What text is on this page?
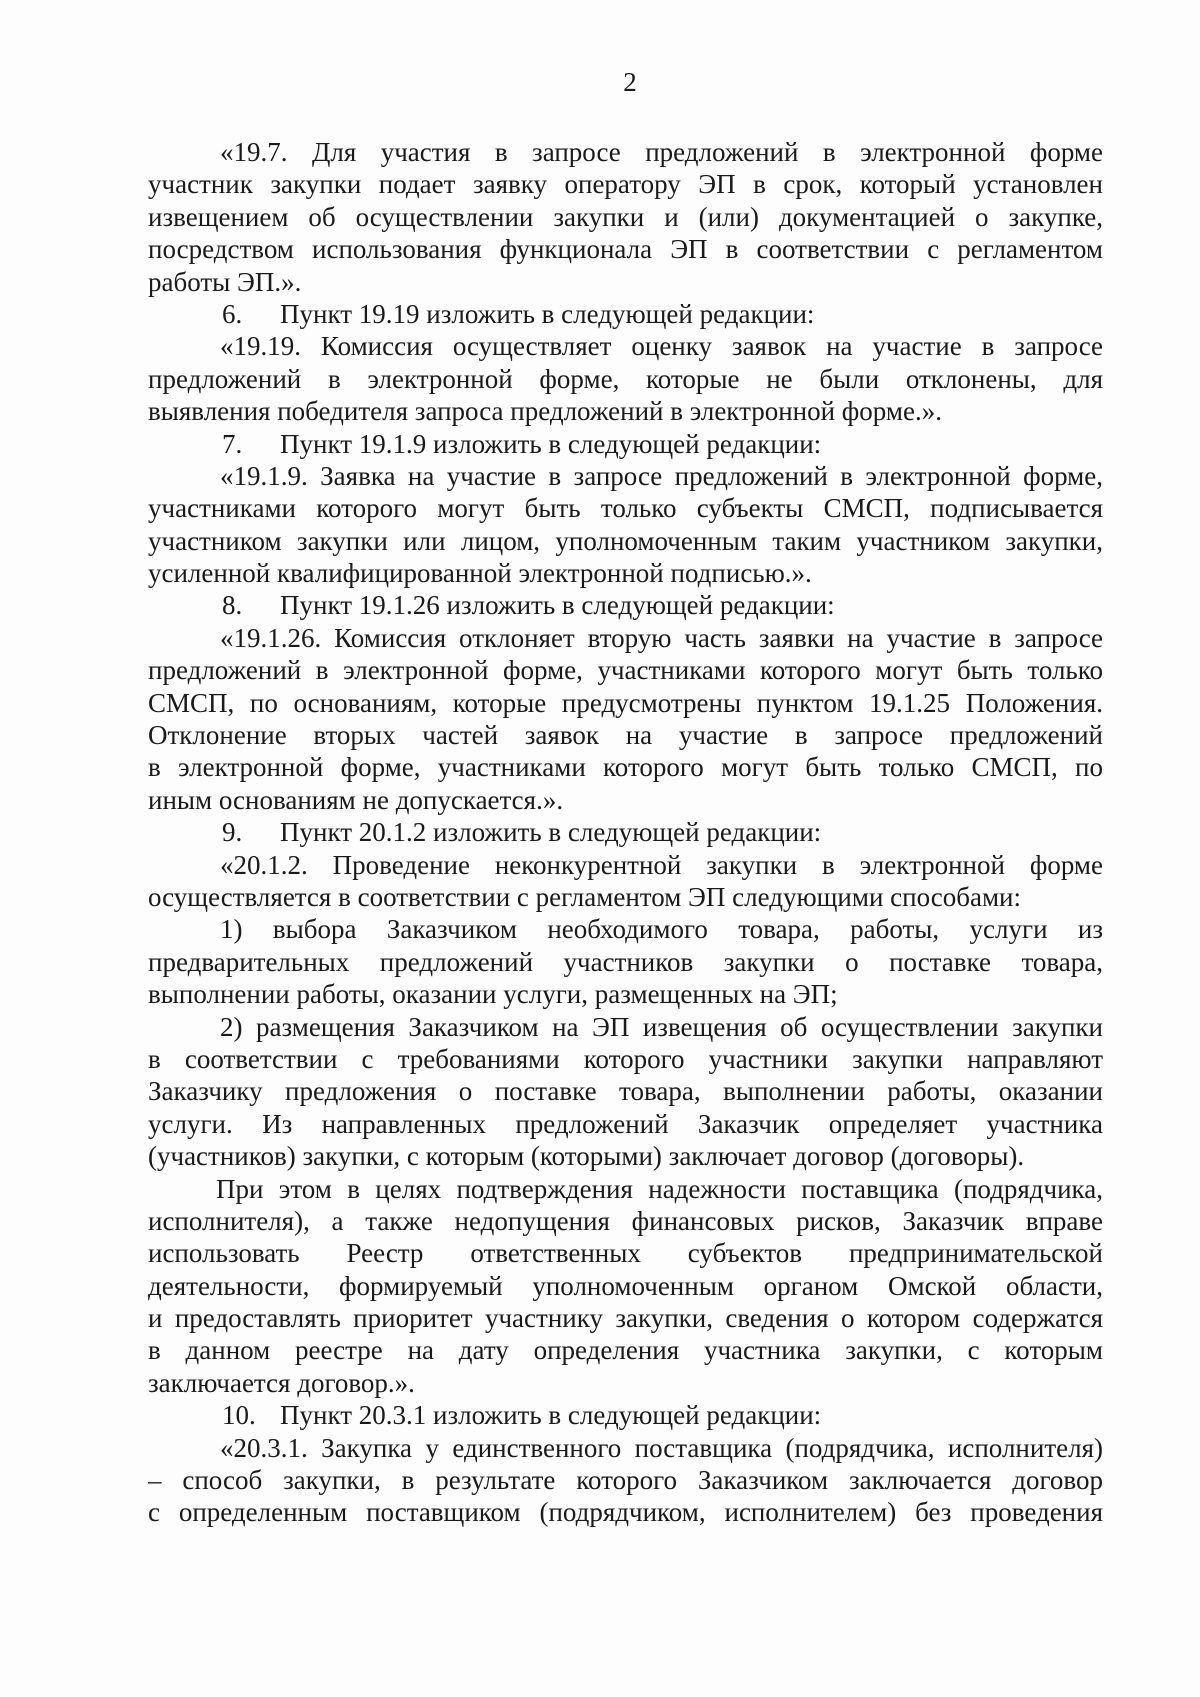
2
«19.7. Для участия в запросе предложений в электронной форме
участник закупки подает заявку оператору ЭП в срок, который установлен
извещением об осуществлении закупки и (или) документацией о закупке,
посредством использования функционала ЭП в соответствии с регламентом
работы ЭП.».
6. Пункт 19.19 изложить в следующей редакции:
«19.19. Комиссия осуществляет оценку заявок на участие в запросе
предложений в электронной форме, которые не были отклонены, для
выявления победителя запроса предложений в электронной форме.».
7. Пункт 19.1.9 изложить в следующей редакции:
«19.1.9. Заявка на участие в запросе предложений в электронной форме,
участниками которого могут быть только субъекты СМСП, подписывается
участником закупки или лицом, уполномоченным таким участником закупки,
усиленной квалифицированной электронной подписью.».
8. Пункт 19.1.26 изложить в следующей редакции:
«19.1.26. Комиссия отклоняет вторую часть заявки на участие в запросе
предложений в электронной форме, участниками которого могут быть только
СМСП, по основаниям, которые предусмотрены пунктом 19.1.25 Положения.
Отклонение вторых частей заявок на участие в запросе предложений
в электронной форме, участниками которого могут быть только СМСП, по
иным основаниям не допускается.».
9. Пункт 20.1.2 изложить в следующей редакции:
«20.1.2. Проведение неконкурентной закупки в электронной форме
осуществляется в соответствии с регламентом ЭП следующими способами:
1) выбора Заказчиком необходимого товара, работы, услуги из
предварительных предложений участников закупки о поставке товара,
выполнении работы, оказании услуги, размещенных на ЭП;
2) размещения Заказчиком на ЭП извещения об осуществлении закупки
в соответствии с требованиями которого участники закупки направляют
Заказчику предложения о поставке товара, выполнении работы, оказании
услуги. Из направленных предложений Заказчик определяет участника
(участников) закупки, с которым (которыми) заключает договор (договоры).
При этом в целях подтверждения надежности поставщика (подрядчика,
исполнителя), а также недопущения финансовых рисков, Заказчик вправе
использовать Реестр ответственных субъектов предпринимательской
деятельности, формируемый уполномоченным органом Омской области,
и предоставлять приоритет участнику закупки, сведения о котором содержатся
в данном реестре на дату определения участника закупки, с которым
заключается договор.».
10. Пункт 20.3.1 изложить в следующей редакции:
«20.3.1. Закупка у единственного поставщика (подрядчика, исполнителя)
– способ закупки, в результате которого Заказчиком заключается договор
с определенным поставщиком (подрядчиком, исполнителем) без проведения
